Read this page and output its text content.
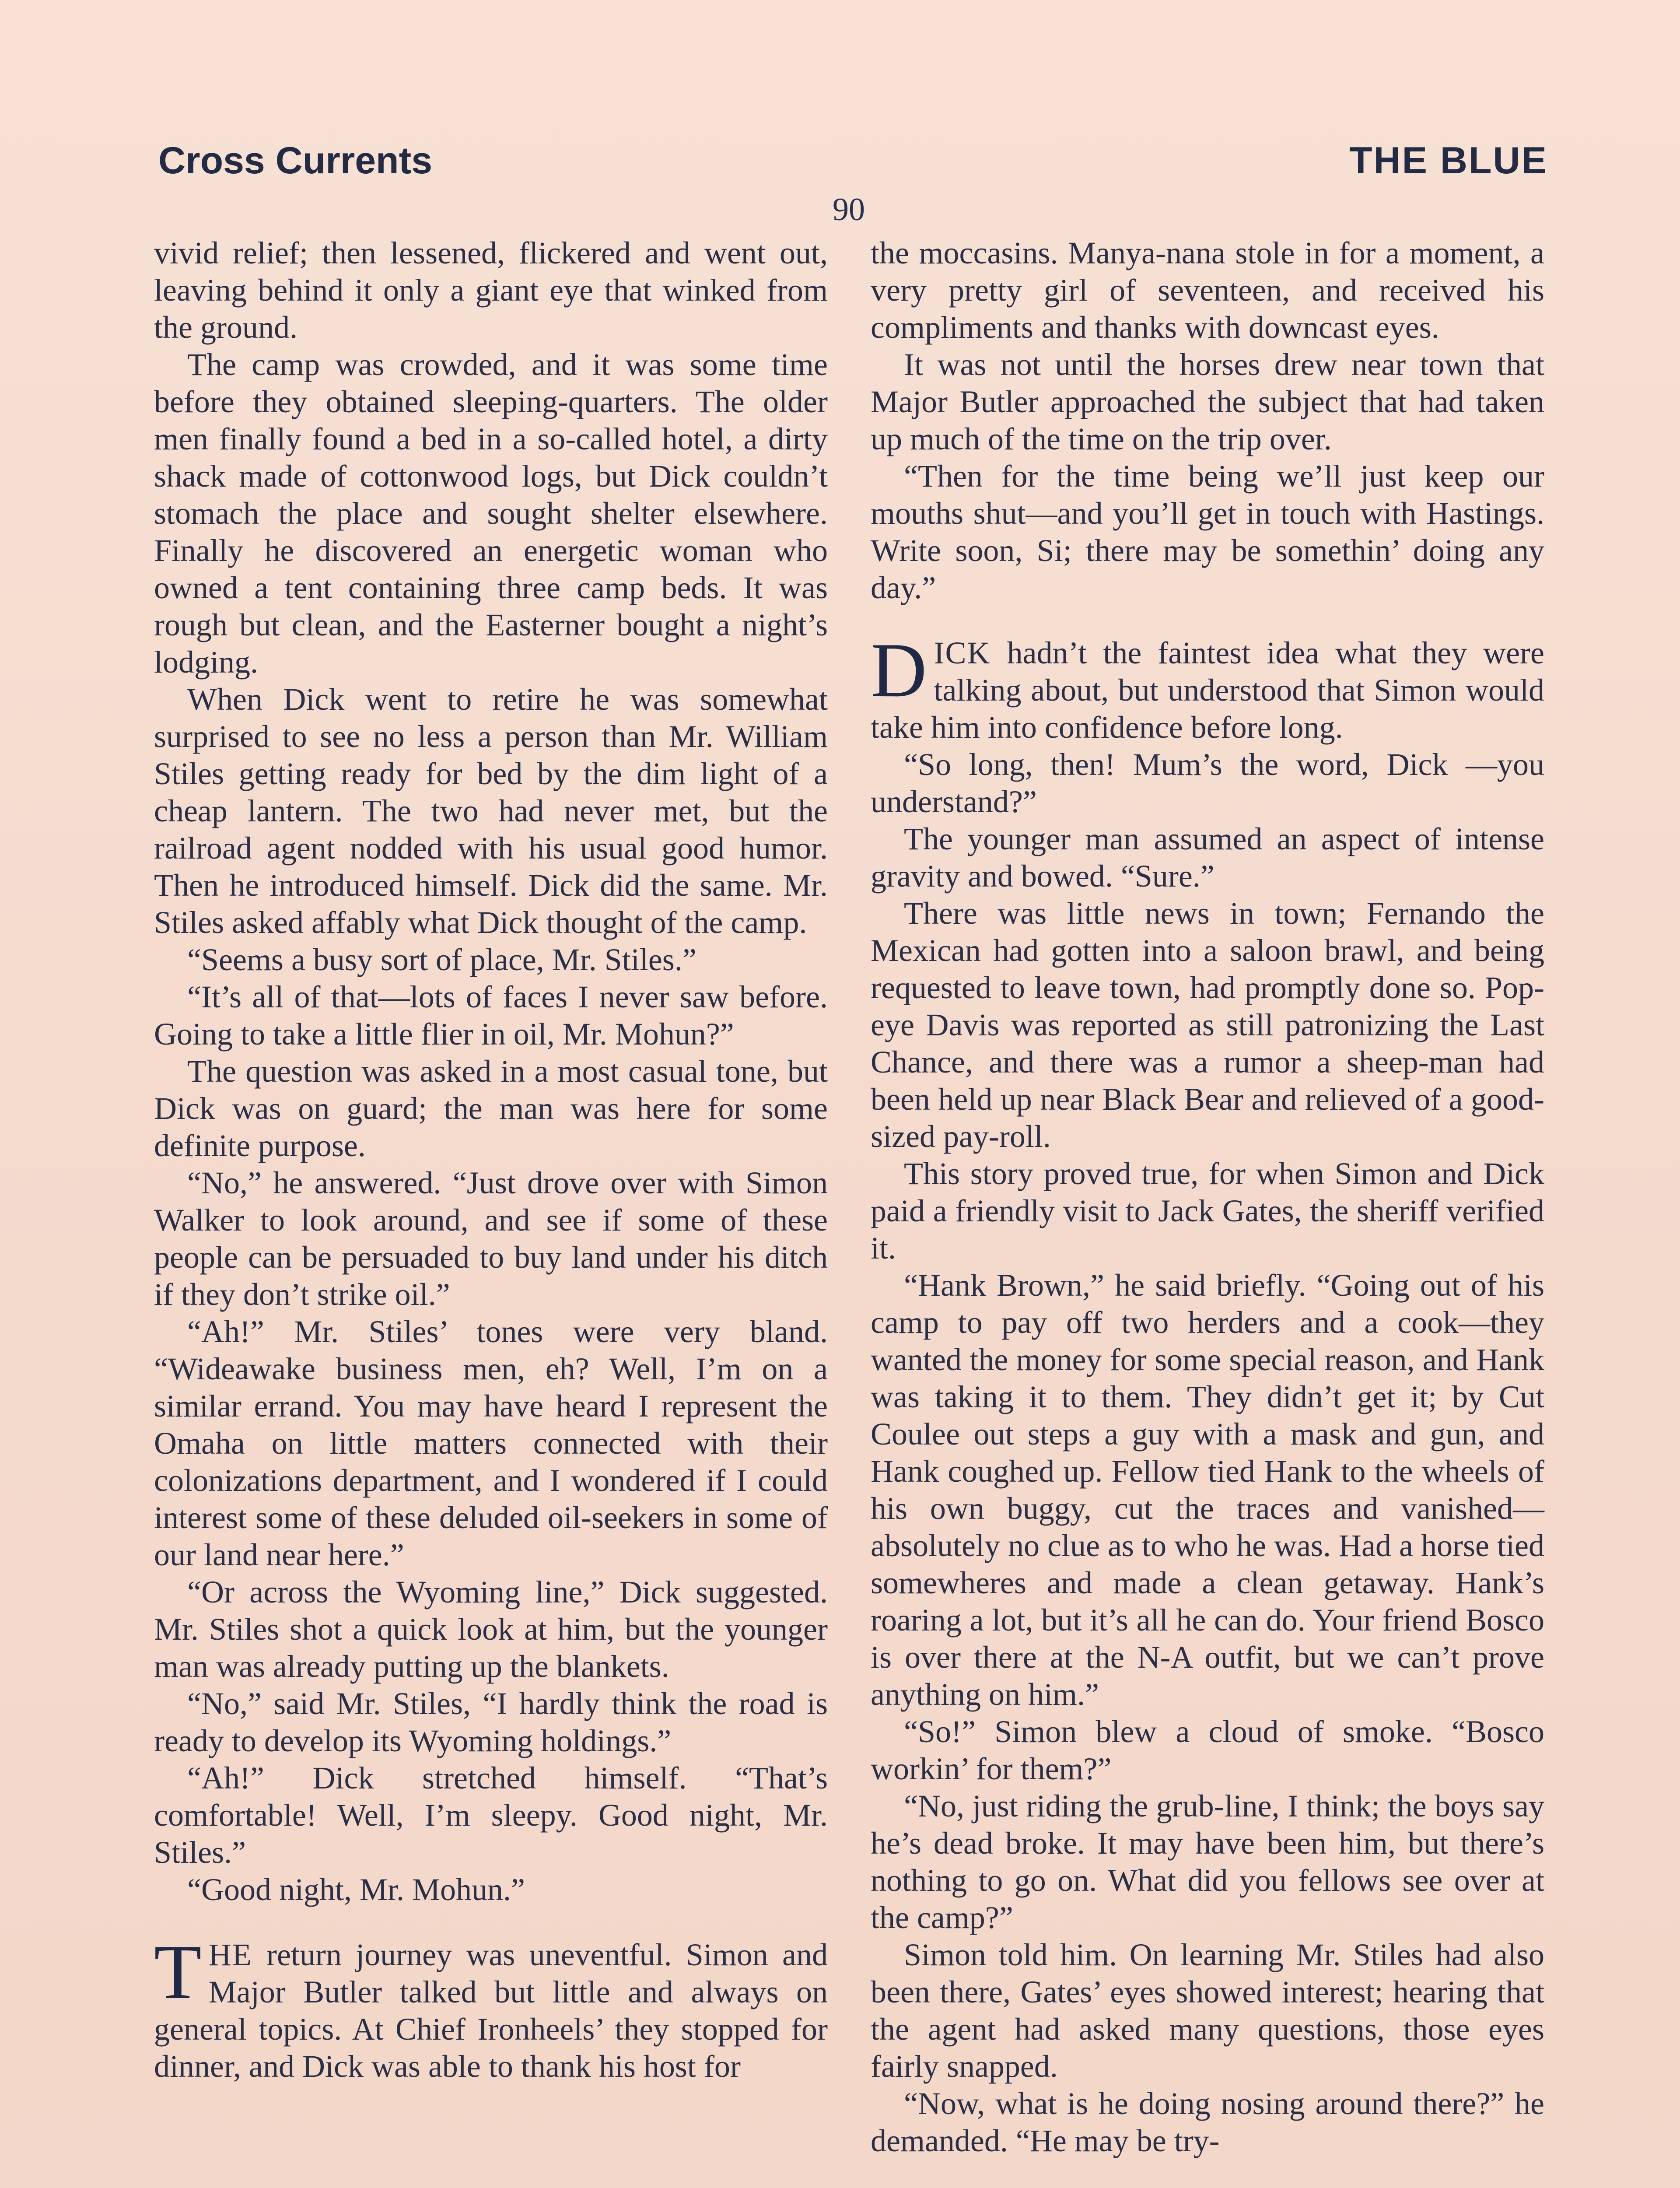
Cross Currents	THE BLUE
90

vivid relief; then lessened, flickered and went out, leaving behind it only a giant eye that winked from the ground.

The camp was crowded, and it was some time before they obtained sleeping-quarters. The older men finally found a bed in a so-called hotel, a dirty shack made of cottonwood logs, but Dick couldn’t stomach the place and sought shelter elsewhere. Finally he discovered an energetic woman who owned a tent containing three camp beds. It was rough but clean, and the Easterner bought a night’s lodging.

When Dick went to retire he was somewhat surprised to see no less a person than Mr. William Stiles getting ready for bed by the dim light of a cheap lantern. The two had never met, but the railroad agent nodded with his usual good humor. Then he introduced himself. Dick did the same. Mr. Stiles asked affably what Dick thought of the camp.

“Seems a busy sort of place, Mr. Stiles.”

“It’s all of that—lots of faces I never saw before. Going to take a little flier in oil, Mr. Mohun?”

The question was asked in a most casual tone, but Dick was on guard; the man was here for some definite purpose.

“No,” he answered. “Just drove over with Simon Walker to look around, and see if some of these people can be persuaded to buy land under his ditch if they don’t strike oil.”

“Ah!” Mr. Stiles’ tones were very bland. “Wideawake business men, eh? Well, I’m on a similar errand. You may have heard I represent the Omaha on little matters connected with their colonizations department, and I wondered if I could interest some of these deluded oil-seekers in some of our land near here.”

“Or across the Wyoming line,” Dick suggested. Mr. Stiles shot a quick look at him, but the younger man was already putting up the blankets.

“No,” said Mr. Stiles, “I hardly think the road is ready to develop its Wyoming holdings.”

“Ah!” Dick stretched himself. “That’s comfortable! Well, I’m sleepy. Good night, Mr. Stiles.”

“Good night, Mr. Mohun.”

THE return journey was uneventful. Simon and Major Butler talked but little and always on general topics. At Chief Ironheels’ they stopped for dinner, and Dick was able to thank his host for

the moccasins. Manya-nana stole in for a moment, a very pretty girl of seventeen, and received his compliments and thanks with downcast eyes.

It was not until the horses drew near town that Major Butler approached the subject that had taken up much of the time on the trip over.

“Then for the time being we’ll just keep our mouths shut—and you’ll get in touch with Hastings. Write soon, Si; there may be somethin’ doing any day.”

DICK hadn’t the faintest idea what they were talking about, but understood that Simon would take him into confidence before long.

“So long, then! Mum’s the word, Dick —you understand?”

The younger man assumed an aspect of intense gravity and bowed. “Sure.”

There was little news in town; Fernando the Mexican had gotten into a saloon brawl, and being requested to leave town, had promptly done so. Pop-eye Davis was reported as still patronizing the Last Chance, and there was a rumor a sheep-man had been held up near Black Bear and relieved of a good-sized pay-roll.

This story proved true, for when Simon and Dick paid a friendly visit to Jack Gates, the sheriff verified it.

“Hank Brown,” he said briefly. “Going out of his camp to pay off two herders and a cook—they wanted the money for some special reason, and Hank was taking it to them. They didn’t get it; by Cut Coulee out steps a guy with a mask and gun, and Hank coughed up. Fellow tied Hank to the wheels of his own buggy, cut the traces and vanished—absolutely no clue as to who he was. Had a horse tied somewheres and made a clean getaway. Hank’s roaring a lot, but it’s all he can do. Your friend Bosco is over there at the N-A outfit, but we can’t prove anything on him.”

“So!” Simon blew a cloud of smoke. “Bosco workin’ for them?”

“No, just riding the grub-line, I think; the boys say he’s dead broke. It may have been him, but there’s nothing to go on. What did you fellows see over at the camp?”

Simon told him. On learning Mr. Stiles had also been there, Gates’ eyes showed interest; hearing that the agent had asked many questions, those eyes fairly snapped.

“Now, what is he doing nosing around there?” he demanded. “He may be try-
